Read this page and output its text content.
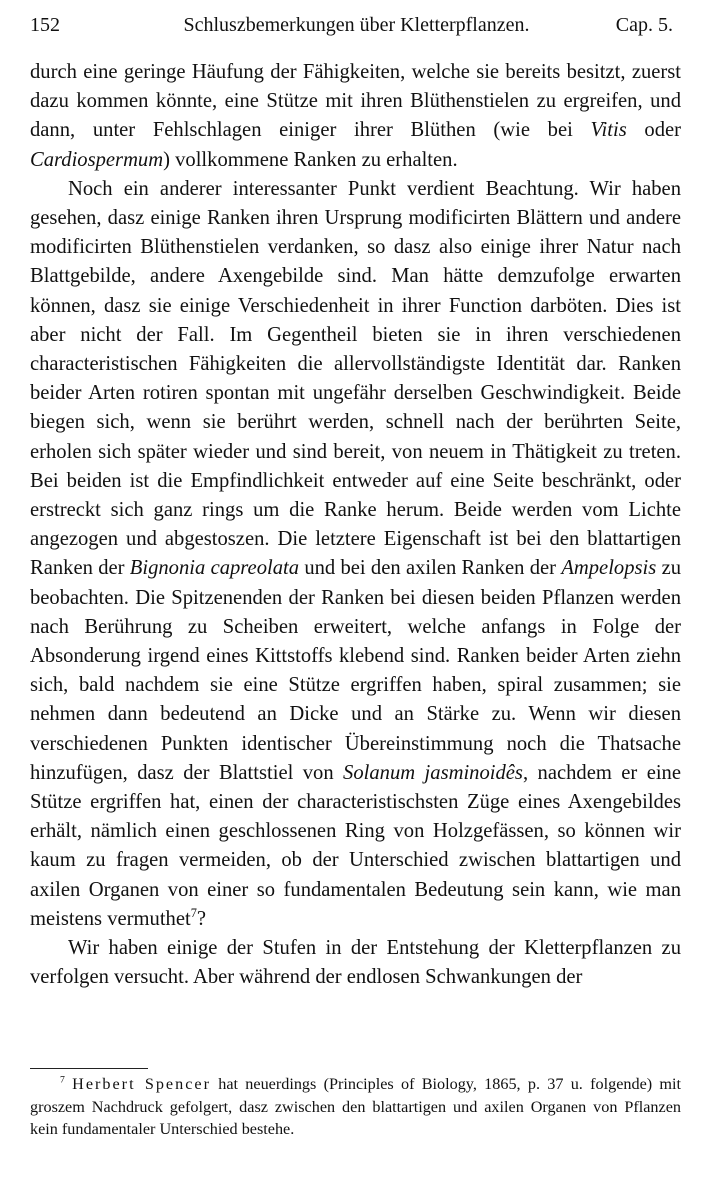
152	Schluszbemerkungen über Kletterpflanzen.	Cap. 5.

durch eine geringe Häufung der Fähigkeiten, welche sie bereits besitzt, zuerst dazu kommen könnte, eine Stütze mit ihren Blüthenstielen zu ergreifen, und dann, unter Fehlschlagen einiger ihrer Blüthen (wie bei Vitis oder Cardiospermum) vollkommene Ranken zu erhalten.

Noch ein anderer interessanter Punkt verdient Beachtung. Wir haben gesehen, dasz einige Ranken ihren Ursprung modificirten Blättern und andere modificirten Blüthenstielen verdanken, so dasz also einige ihrer Natur nach Blattgebilde, andere Axengebilde sind. Man hätte demzufolge erwarten können, dasz sie einige Verschiedenheit in ihrer Function darböten. Dies ist aber nicht der Fall. Im Gegentheil bieten sie in ihren verschiedenen characteristischen Fähigkeiten die allervollständigste Identität dar. Ranken beider Arten rotiren spontan mit ungefähr derselben Geschwindigkeit. Beide biegen sich, wenn sie berührt werden, schnell nach der berührten Seite, erholen sich später wieder und sind bereit, von neuem in Thätigkeit zu treten. Bei beiden ist die Empfindlichkeit entweder auf eine Seite beschränkt, oder erstreckt sich ganz rings um die Ranke herum. Beide werden vom Lichte angezogen und abgestoszen. Die letztere Eigenschaft ist bei den blattartigen Ranken der Bignonia capreolata und bei den axilen Ranken der Ampelopsis zu beobachten. Die Spitzenenden der Ranken bei diesen beiden Pflanzen werden nach Berührung zu Scheiben erweitert, welche anfangs in Folge der Absonderung irgend eines Kittstoffs klebend sind. Ranken beider Arten ziehn sich, bald nachdem sie eine Stütze ergriffen haben, spiral zusammen; sie nehmen dann bedeutend an Dicke und an Stärke zu. Wenn wir diesen verschiedenen Punkten identischer Übereinstimmung noch die Thatsache hinzufügen, dasz der Blattstiel von Solanum jasminoidês, nachdem er eine Stütze ergriffen hat, einen der characteristischsten Züge eines Axengebildes erhält, nämlich einen geschlossenen Ring von Holzgefässen, so können wir kaum zu fragen vermeiden, ob der Unterschied zwischen blattartigen und axilen Organen von einer so fundamentalen Bedeutung sein kann, wie man meistens vermuthet$^7$?

Wir haben einige der Stufen in der Entstehung der Kletterpflanzen zu verfolgen versucht. Aber während der endlosen Schwankungen der

$^7$ Herbert Spencer hat neuerdings (Principles of Biology, 1865, p. 37 u. folgende) mit groszem Nachdruck gefolgert, dasz zwischen den blattartigen und axilen Organen von Pflanzen kein fundamentaler Unterschied bestehe.
